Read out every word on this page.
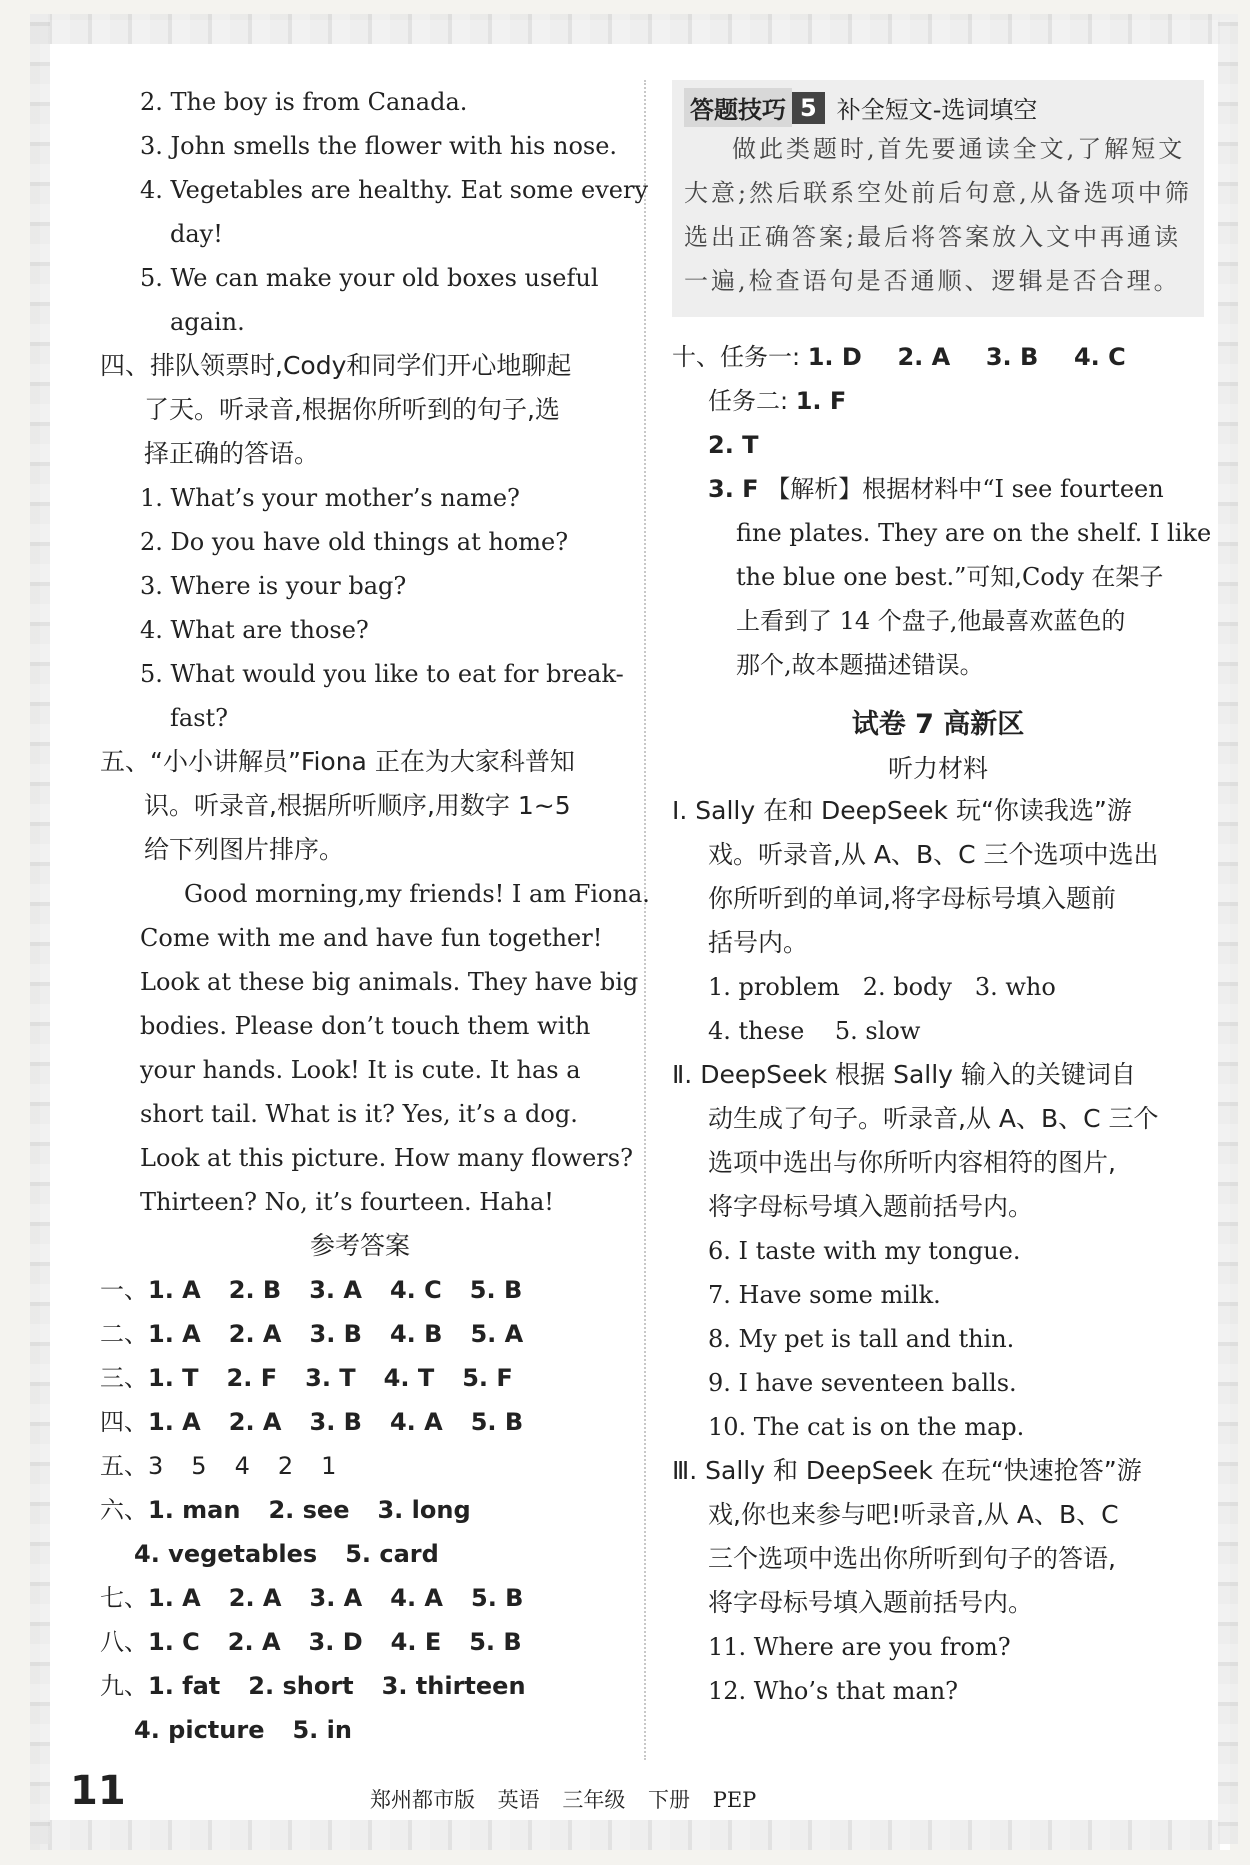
2. The boy is from Canada.
3. John smells the flower with his nose.
4. Vegetables are healthy. Eat some every
day!
5. We can make your old boxes useful
again.
四、排队领票时,Cody和同学们开心地聊起
了天。听录音,根据你所听到的句子,选
择正确的答语。
1. What’s your mother’s name?
2. Do you have old things at home?
3. Where is your bag?
4. What are those?
5. What would you like to eat for break-
fast?
五、“小小讲解员”Fiona 正在为大家科普知
识。听录音,根据所听顺序,用数字 1~5
给下列图片排序。
Good morning,my friends! I am Fiona.
Come with me and have fun together!
Look at these big animals. They have big
bodies. Please don’t touch them with
your hands. Look! It is cute. It has a
short tail. What is it? Yes, it’s a dog.
Look at this picture. How many flowers?
Thirteen? No, it’s fourteen. Haha!
参考答案
一、1. A 2. B 3. A 4. C 5. B
二、1. A 2. A 3. B 4. B 5. A
三、1. T 2. F 3. T 4. T 5. F
四、1. A 2. A 3. B 4. A 5. B
五、3 5 4 2 1
六、1. man 2. see 3. long
4. vegetables 5. card
七、1. A 2. A 3. A 4. A 5. B
八、1. C 2. A 3. D 4. E 5. B
九、1. fat 2. short 3. thirteen
4. picture 5. in
答题技巧 5 补全短文-选词填空
做此类题时,首先要通读全文,了解短文大意;然后联系空处前后句意,从备选项中筛选出正确答案;最后将答案放入文中再通读一遍,检查语句是否通顺、逻辑是否合理。
十、任务一: 1. D 2. A 3. B 4. C
任务二: 1. F
2. T
3. F 【解析】根据材料中“I see fourteen
fine plates. They are on the shelf. I like
the blue one best.”可知,Cody 在架子
上看到了 14 个盘子,他最喜欢蓝色的
那个,故本题描述错误。
试卷 7 高新区
听力材料
Ⅰ. Sally 在和 DeepSeek 玩“你读我选”游
戏。听录音,从 A、B、C 三个选项中选出
你所听到的单词,将字母标号填入题前
括号内。
1. problem   2. body   3. who
4. these    5. slow
Ⅱ. DeepSeek 根据 Sally 输入的关键词自
动生成了句子。听录音,从 A、B、C 三个
选项中选出与你所听内容相符的图片,
将字母标号填入题前括号内。
6. I taste with my tongue.
7. Have some milk.
8. My pet is tall and thin.
9. I have seventeen balls.
10. The cat is on the map.
Ⅲ. Sally 和 DeepSeek 在玩“快速抢答”游
戏,你也来参与吧!听录音,从 A、B、C
三个选项中选出你所听到句子的答语,
将字母标号填入题前括号内。
11. Where are you from?
12. Who’s that man?
11	郑州都市版 英语 三年级 下册 PEP
